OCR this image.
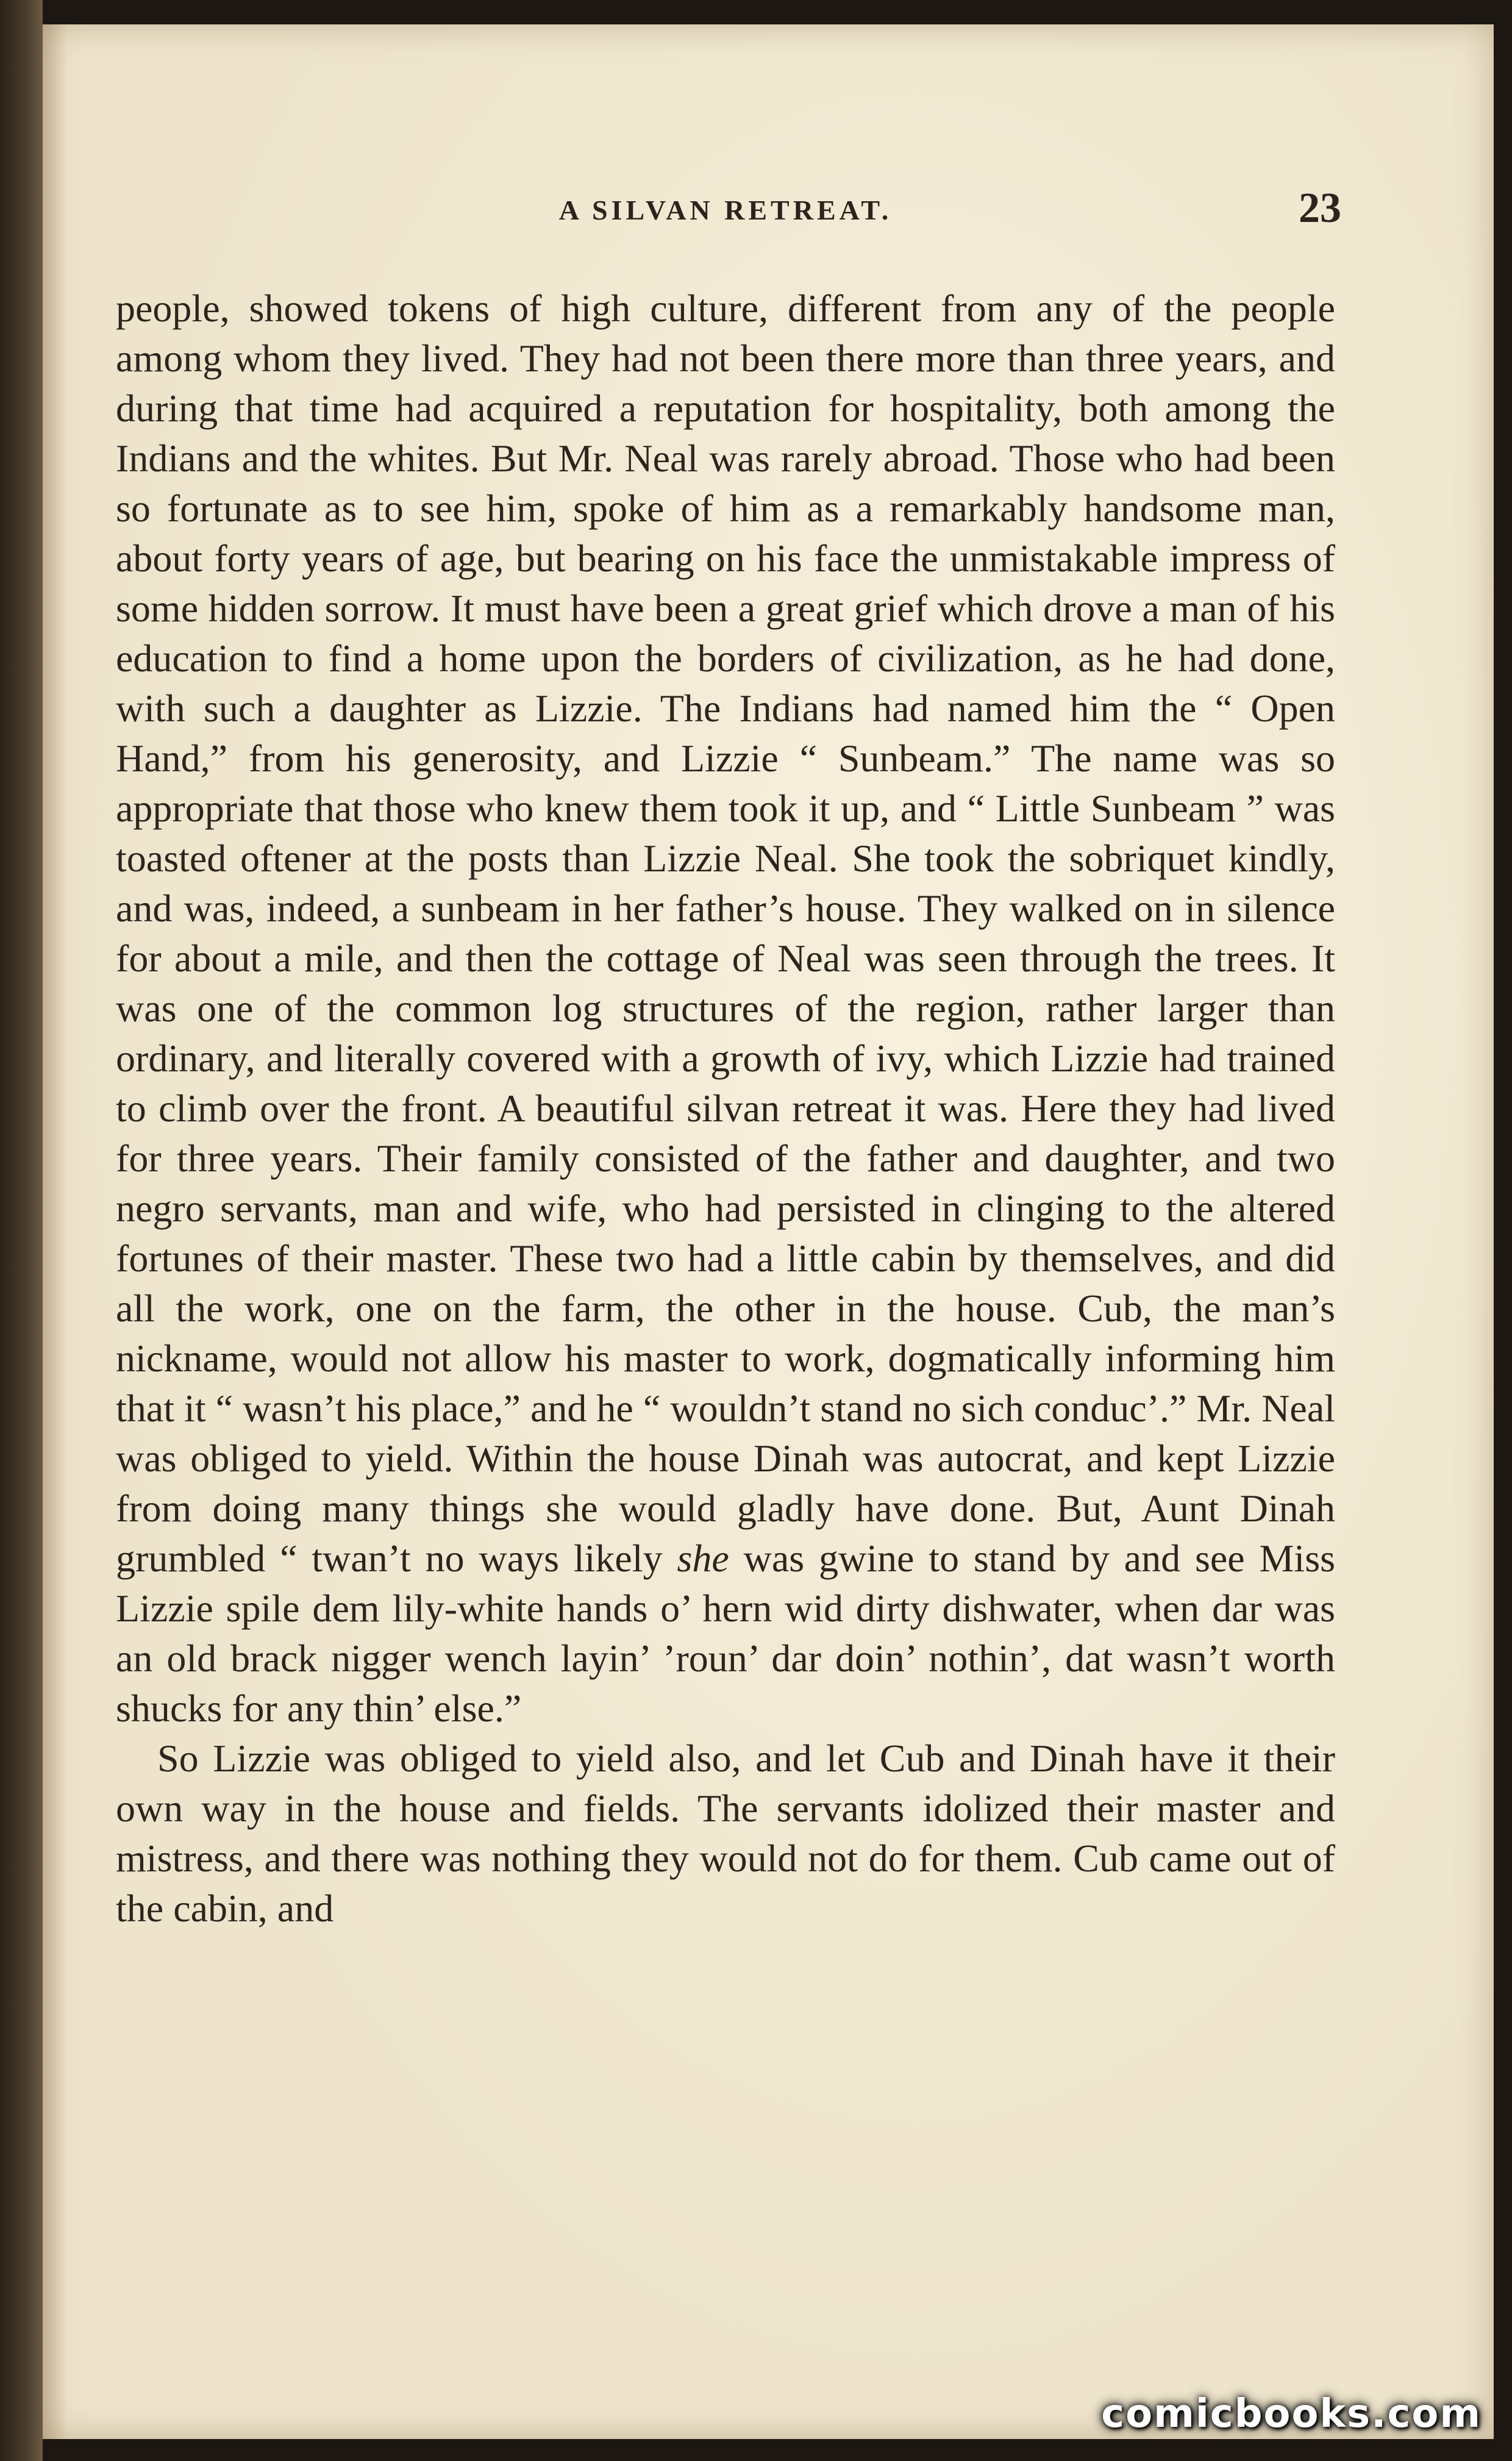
A SILVAN RETREAT.	23

people, showed tokens of high culture, different from any of the people among whom they lived. They had not been there more than three years, and during that time had acquired a reputation for hospitality, both among the Indians and the whites. But Mr. Neal was rarely abroad. Those who had been so fortunate as to see him, spoke of him as a remarkably handsome man, about forty years of age, but bearing on his face the unmistakable impress of some hidden sorrow. It must have been a great grief which drove a man of his education to find a home upon the borders of civilization, as he had done, with such a daughter as Lizzie. The Indians had named him the “ Open Hand,” from his generosity, and Lizzie “ Sunbeam.” The name was so appropriate that those who knew them took it up, and “ Little Sunbeam ” was toasted oftener at the posts than Lizzie Neal. She took the sobriquet kindly, and was, indeed, a sunbeam in her father’s house. They walked on in silence for about a mile, and then the cottage of Neal was seen through the trees. It was one of the common log structures of the region, rather larger than ordinary, and literally covered with a growth of ivy, which Lizzie had trained to climb over the front. A beautiful silvan retreat it was. Here they had lived for three years. Their family consisted of the father and daughter, and two negro servants, man and wife, who had persisted in clinging to the altered fortunes of their master. These two had a little cabin by themselves, and did all the work, one on the farm, the other in the house. Cub, the man’s nickname, would not allow his master to work, dogmatically informing him that it “ wasn’t his place,” and he “ wouldn’t stand no sich conduc’.” Mr. Neal was obliged to yield. Within the house Dinah was autocrat, and kept Lizzie from doing many things she would gladly have done. But, Aunt Dinah grumbled “ twan’t no ways likely she was gwine to stand by and see Miss Lizzie spile dem lily-white hands o’ hern wid dirty dishwater, when dar was an old brack nigger wench layin’ ’roun’ dar doin’ nothin’, dat wasn’t worth shucks for any thin’ else.”

So Lizzie was obliged to yield also, and let Cub and Dinah have it their own way in the house and fields. The servants idolized their master and mistress, and there was nothing they would not do for them. Cub came out of the cabin, and

comicbooks.com
